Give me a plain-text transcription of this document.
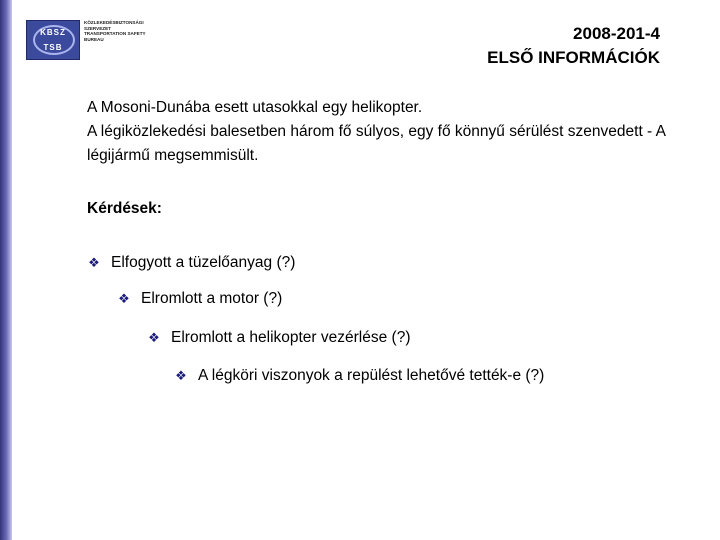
KBSZ
TSB
KÖZLEKEDÉSBIZTONSÁGI
SZERVEZET
TRANSPORTATION SAFETY
BUREAU	2008-201-4
ELSŐ INFORMÁCIÓK

A Mosoni-Dunába esett utasokkal egy helikopter.

A légiközlekedési balesetben három fő súlyos, egy fő könnyű sérülést szenvedett - A légijármű megsemmisült.

Kérdések:
❖ Elfogyott a tüzelőanyag (?)
❖ Elromlott a motor (?)
❖ Elromlott a helikopter vezérlése (?)
❖ A légköri viszonyok a repülést lehetővé tették-e (?)
